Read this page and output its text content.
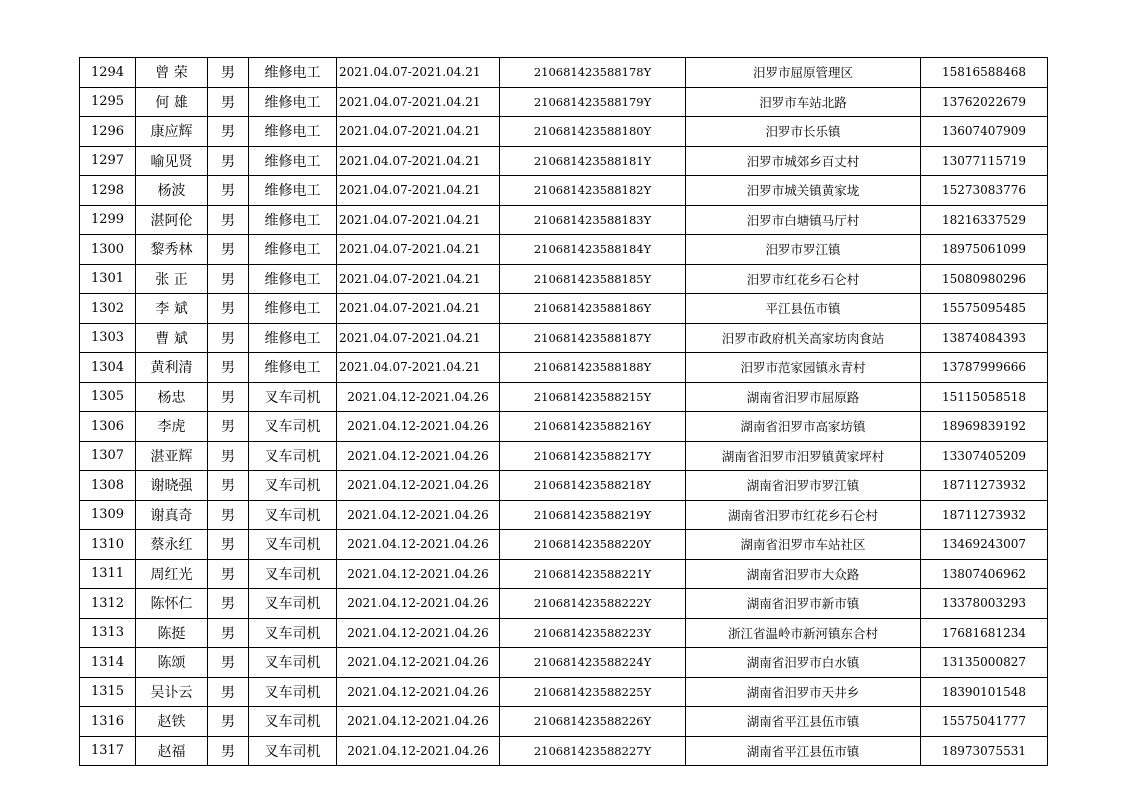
1294	曾 荣	男	维修电工	2021.04.07-2021.04.21	210681423588178Y	汨罗市屈原管理区	15816588468
1295	何 雄	男	维修电工	2021.04.07-2021.04.21	210681423588179Y	汨罗市车站北路	13762022679
1296	康应辉	男	维修电工	2021.04.07-2021.04.21	210681423588180Y	汨罗市长乐镇	13607407909
1297	喻见贤	男	维修电工	2021.04.07-2021.04.21	210681423588181Y	汨罗市城郊乡百丈村	13077115719
1298	杨波	男	维修电工	2021.04.07-2021.04.21	210681423588182Y	汨罗市城关镇黄家垅	15273083776
1299	湛阿伦	男	维修电工	2021.04.07-2021.04.21	210681423588183Y	汨罗市白塘镇马厅村	18216337529
1300	黎秀林	男	维修电工	2021.04.07-2021.04.21	210681423588184Y	汨罗市罗江镇	18975061099
1301	张 正	男	维修电工	2021.04.07-2021.04.21	210681423588185Y	汨罗市红花乡石仑村	15080980296
1302	李 斌	男	维修电工	2021.04.07-2021.04.21	210681423588186Y	平江县伍市镇	15575095485
1303	曹 斌	男	维修电工	2021.04.07-2021.04.21	210681423588187Y	汨罗市政府机关高家坊肉食站	13874084393
1304	黄利清	男	维修电工	2021.04.07-2021.04.21	210681423588188Y	汨罗市范家园镇永青村	13787999666
1305	杨忠	男	叉车司机	2021.04.12-2021.04.26	210681423588215Y	湖南省汨罗市屈原路	15115058518
1306	李虎	男	叉车司机	2021.04.12-2021.04.26	210681423588216Y	湖南省汨罗市高家坊镇	18969839192
1307	湛亚辉	男	叉车司机	2021.04.12-2021.04.26	210681423588217Y	湖南省汨罗市汨罗镇黄家坪村	13307405209
1308	谢晓强	男	叉车司机	2021.04.12-2021.04.26	210681423588218Y	湖南省汨罗市罗江镇	18711273932
1309	谢真奇	男	叉车司机	2021.04.12-2021.04.26	210681423588219Y	湖南省汨罗市红花乡石仑村	18711273932
1310	蔡永红	男	叉车司机	2021.04.12-2021.04.26	210681423588220Y	湖南省汨罗市车站社区	13469243007
1311	周红光	男	叉车司机	2021.04.12-2021.04.26	210681423588221Y	湖南省汨罗市大众路	13807406962
1312	陈怀仁	男	叉车司机	2021.04.12-2021.04.26	210681423588222Y	湖南省汨罗市新市镇	13378003293
1313	陈挺	男	叉车司机	2021.04.12-2021.04.26	210681423588223Y	浙江省温岭市新河镇东合村	17681681234
1314	陈颂	男	叉车司机	2021.04.12-2021.04.26	210681423588224Y	湖南省汨罗市白水镇	13135000827
1315	吴讣云	男	叉车司机	2021.04.12-2021.04.26	210681423588225Y	湖南省汨罗市天井乡	18390101548
1316	赵铁	男	叉车司机	2021.04.12-2021.04.26	210681423588226Y	湖南省平江县伍市镇	15575041777
1317	赵福	男	叉车司机	2021.04.12-2021.04.26	210681423588227Y	湖南省平江县伍市镇	18973075531
